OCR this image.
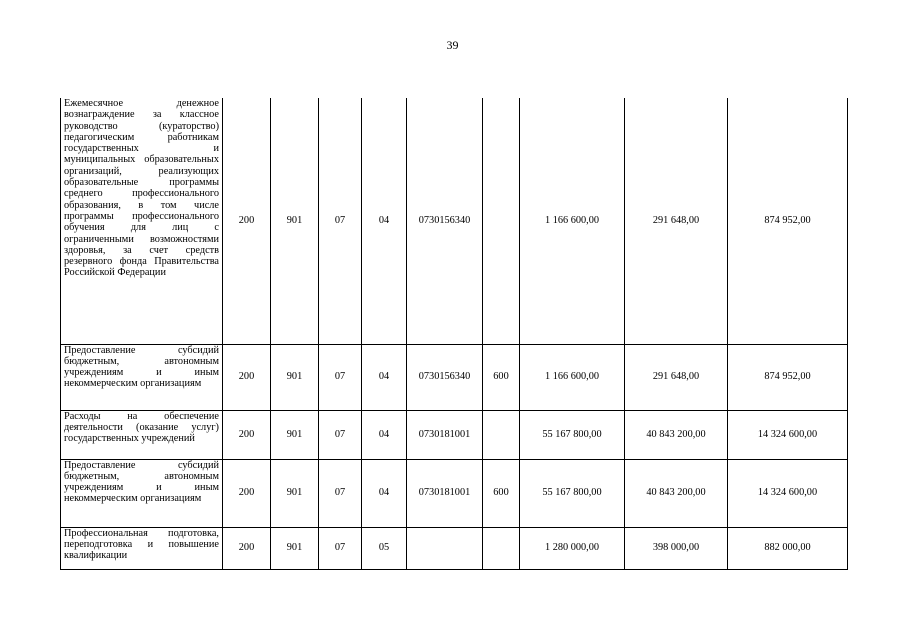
39
Ежемесячное денежное вознаграждение за классное руководство (кураторство) педагогическим работникам государственных и муниципальных образовательных организаций, реализующих образовательные программы среднего профессионального образования, в том числе программы профессионального обучения для лиц с ограниченными возможностями здоровья, за счет средств резервного фонда Правительства Российской Федерации	200	901	07	04	0730156340		1 166 600,00	291 648,00	874 952,00
Предоставление субсидий бюджетным, автономным учреждениям и иным некоммерческим организациям	200	901	07	04	0730156340	600	1 166 600,00	291 648,00	874 952,00
Расходы на обеспечение деятельности (оказание услуг) государственных учреждений	200	901	07	04	0730181001		55 167 800,00	40 843 200,00	14 324 600,00
Предоставление субсидий бюджетным, автономным учреждениям и иным некоммерческим организациям	200	901	07	04	0730181001	600	55 167 800,00	40 843 200,00	14 324 600,00
Профессиональная подготовка, переподготовка и повышение квалификации	200	901	07	05			1 280 000,00	398 000,00	882 000,00
